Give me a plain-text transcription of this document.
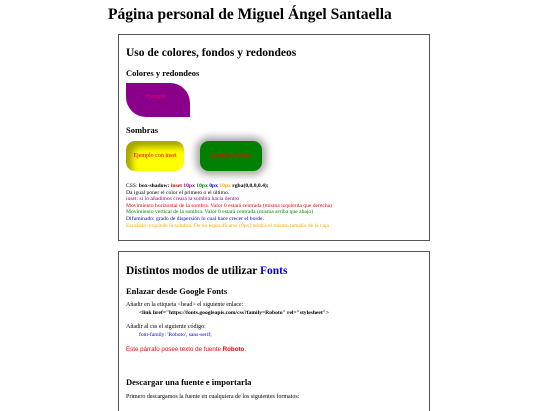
Página personal de Miguel Ángel Santaella
Uso de colores, fondos y redondeos
Colores y redondeos
Ejemplo
Sombras
Ejemplo con inset	Ejemplo sin inset
CSS: box-shadow: inset 10px 10px 0px 10px rgba(0,0,0,0.4);
Da igual poner el color el primero o el último.
inset: si lo añadimos creará la sombra hacia dentro
Movimiento horizontal de la sombra. Valor 0 estará centrada (misma izquierda que derecha)
Movimiento vertical de la sombra. Valor 0 estará centrada (misma arriba que abajo)
Difuminado: grado de dispersión lo cual hace crecer el borde.
Escalado: expande la sombra. De no especificarse (0px) tendrá el mismo tamaño de la caja
Distintos modos de utilizar Fonts
Enlazar desde Google Fonts
Añadir en la etiqueta <head> el siguiente enlace:
<link href="https://fonts.googleapis.com/css?family=Roboto" rel="stylesheet">
Añadir al css el siguiente código:
font-family: 'Roboto', sans-serif;
Este párrafo posee texto de fuente Roboto.
Descargar una fuente e importarla
Primero descargamos la fuente en cualquiera de los siguientes formatos:
